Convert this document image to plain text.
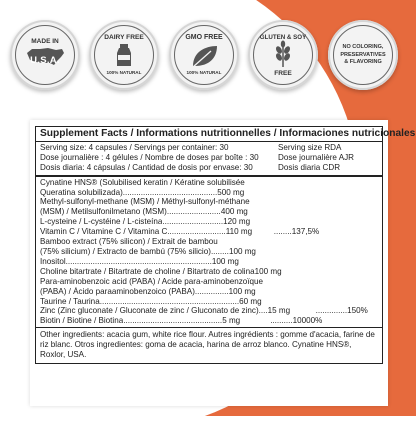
MADE IN
U.S.A.
DAIRY FREE
100% NATURAL
GMO FREE
100% NATURAL
GLUTEN & SOY
FREE
NO COLORING,
PRESERVATIVES
& FLAVORING
Supplement Facts / Informations nutritionnelles / Informaciones nutricionales
Serving size: 4 capsules / Servings per container: 30
Dose journalière : 4 gélules / Nombre de doses par boîte : 30
Dosis diaria: 4 cápsulas / Cantidad de dosis por envase: 30
Serving size RDA
Dose journalière AJR
Dosis diaria CDR
Cynatine HNS® (Solubilised keratin / Kératine solubilisée
Queratina solubilizada) .......................................... 500 mg
Methyl-sulfonyl-methane (MSM) / Méthyl-sulfonyl-méthane
(MSM) / Metilsulfonilmetano (MSM) ........................ 400 mg
L-cysteine / L-cystéine / L-cisteína ........................... 120 mg
Vitamin C / Vitamine C / Vitamina C .......................... 110 mg	........137,5%
Bamboo extract (75% silicon) / Extrait de bambou
(75% silicium) / Extracto de bambú (75% silicio) ........ 100 mg
Inositol ................................................................. 100 mg
Choline bitartrate / Bitartrate de choline / Bitartrato de colina 100 mg
Para-aminobenzoic acid (PABA) / Acide para-aminobenzoïque
(PABA) / Ácido paraaminobenzoico (PABA) ............... 100 mg
Taurine / Taurina .............................................................. 60 mg
Zinc (Zinc gluconate / Gluconate de zinc / Gluconato de zinc) .... 15 mg	..............150%
Biotin / Biotine / Biotina ............................................ 5 mg	..........10000%
Other ingredients: acacia gum, white rice flour. Autres ingrédients : gomme d'acacia, farine de riz blanc. Otros ingredientes: goma de acacia, harina de arroz blanco. Cynatine HNS®, Roxlor, USA.
